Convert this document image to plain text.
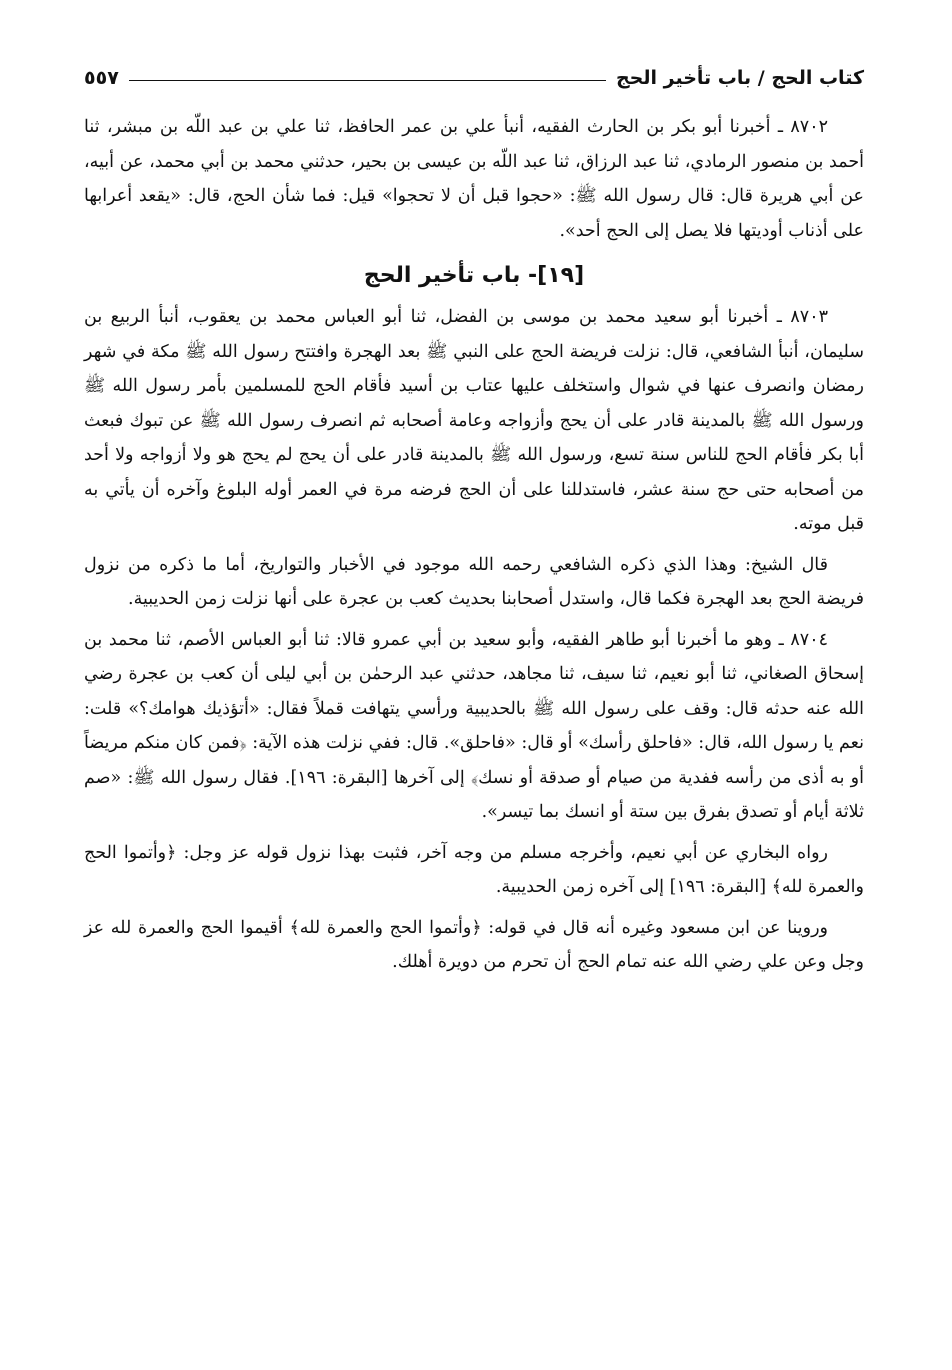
كتاب الحج / باب تأخير الحج
٥٥٧

٨٧٠٢ ـ أخبرنا أبو بكر بن الحارث الفقيه، أنبأ علي بن عمر الحافظ، ثنا علي بن عبد اللّه بن مبشر، ثنا أحمد بن منصور الرمادي، ثنا عبد الرزاق، ثنا عبد اللّه بن عيسى بن بحير، حدثني محمد بن أبي محمد، عن أبيه، عن أبي هريرة قال: قال رسول الله ﷺ: «حجوا قبل أن لا تحجوا» قيل: فما شأن الحج، قال: «يقعد أعرابها على أذناب أوديتها فلا يصل إلى الحج أحد».

[١٩]- باب تأخير الحج

٨٧٠٣ ـ أخبرنا أبو سعيد محمد بن موسى بن الفضل، ثنا أبو العباس محمد بن يعقوب، أنبأ الربيع بن سليمان، أنبأ الشافعي، قال: نزلت فريضة الحج على النبي ﷺ بعد الهجرة وافتتح رسول الله ﷺ مكة في شهر رمضان وانصرف عنها في شوال واستخلف عليها عتاب بن أسيد فأقام الحج للمسلمين بأمر رسول الله ﷺ ورسول الله ﷺ بالمدينة قادر على أن يحج وأزواجه وعامة أصحابه ثم انصرف رسول الله ﷺ عن تبوك فبعث أبا بكر فأقام الحج للناس سنة تسع، ورسول الله ﷺ بالمدينة قادر على أن يحج لم يحج هو ولا أزواجه ولا أحد من أصحابه حتى حج سنة عشر، فاستدللنا على أن الحج فرضه مرة في العمر أوله البلوغ وآخره أن يأتي به قبل موته.

قال الشيخ: وهذا الذي ذكره الشافعي رحمه الله موجود في الأخبار والتواريخ، أما ما ذكره من نزول فريضة الحج بعد الهجرة فكما قال، واستدل أصحابنا بحديث كعب بن عجرة على أنها نزلت زمن الحديبية.

٨٧٠٤ ـ وهو ما أخبرنا أبو طاهر الفقيه، وأبو سعيد بن أبي عمرو قالا: ثنا أبو العباس الأصم، ثنا محمد بن إسحاق الصغاني، ثنا أبو نعيم، ثنا سيف، ثنا مجاهد، حدثني عبد الرحمٰن بن أبي ليلى أن كعب بن عجرة رضي الله عنه حدثه قال: وقف على رسول الله ﷺ بالحديبية ورأسي يتهافت قملاً فقال: «أتؤذيك هوامك؟» قلت: نعم يا رسول الله، قال: «فاحلق رأسك» أو قال: «فاحلق». قال: ففي نزلت هذه الآية: ﴿فمن كان منكم مريضاً أو به أذى من رأسه ففدية من صيام أو صدقة أو نسك﴾ إلى آخرها [البقرة: ١٩٦]. فقال رسول الله ﷺ: «صم ثلاثة أيام أو تصدق بفرق بين ستة أو انسك بما تيسر».

رواه البخاري عن أبي نعيم، وأخرجه مسلم من وجه آخر، فثبت بهذا نزول قوله عز وجل: ﴿وأتموا الحج والعمرة لله﴾ [البقرة: ١٩٦] إلى آخره زمن الحديبية.

وروينا عن ابن مسعود وغيره أنه قال في قوله: ﴿وأتموا الحج والعمرة لله﴾ أقيموا الحج والعمرة لله عز وجل وعن علي رضي الله عنه تمام الحج أن تحرم من دويرة أهلك.
